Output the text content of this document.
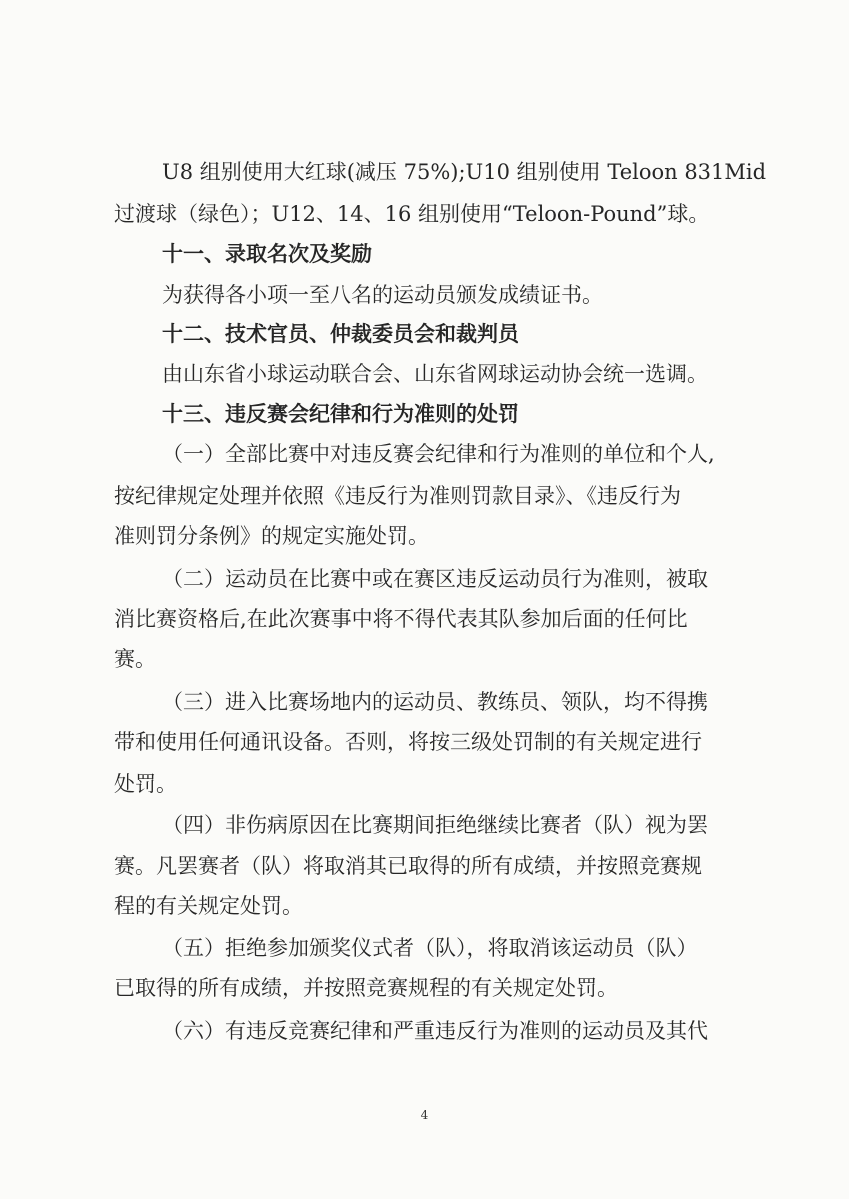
U8 组别使用大红球(减压 75%);U10 组别使用 Teloon 831Mid
过渡球（绿色）；U12、14、16 组别使用“Teloon-Pound”球。
十一、录取名次及奖励
为获得各小项一至八名的运动员颁发成绩证书。
十二、技术官员、仲裁委员会和裁判员
由山东省小球运动联合会、山东省网球运动协会统一选调。
十三、违反赛会纪律和行为准则的处罚
（一）全部比赛中对违反赛会纪律和行为准则的单位和个人,
按纪律规定处理并依照《违反行为准则罚款目录》、《违反行为
准则罚分条例》的规定实施处罚。
（二）运动员在比赛中或在赛区违反运动员行为准则，被取
消比赛资格后,在此次赛事中将不得代表其队参加后面的任何比
赛。
（三）进入比赛场地内的运动员、教练员、领队，均不得携
带和使用任何通讯设备。否则，将按三级处罚制的有关规定进行
处罚。
（四）非伤病原因在比赛期间拒绝继续比赛者（队）视为罢
赛。凡罢赛者（队）将取消其已取得的所有成绩，并按照竞赛规
程的有关规定处罚。
（五）拒绝参加颁奖仪式者（队），将取消该运动员（队）
已取得的所有成绩，并按照竞赛规程的有关规定处罚。
（六）有违反竞赛纪律和严重违反行为准则的运动员及其代
4
